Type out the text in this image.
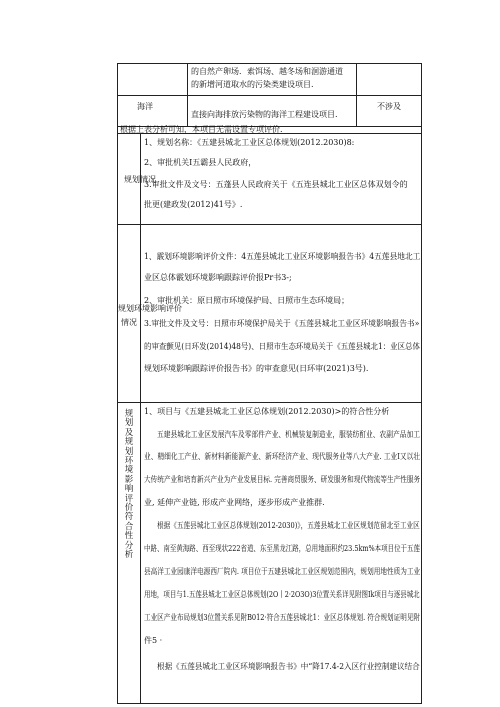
的自然产卵场．索饵场、越冬场和洄游通道
的新增河道取水的污染类建设项目.
海洋
直接向海排放污染物的海洋工程建设项目.
不涉及
根据上表分析可知，本项目无需设置专项评价.
规划情况
1、规划名称：《五建县城北工业区总体规划(2012.2030)8:
2、审批机关I五霸县人民政府，
3.审批文件及文号：五蓬县人民政府关于《五连县城北工业区总体双划令的
批更(建政发(2012)41号》.
规划环境影响评价
情况
1、霰划环境影响评价文件：4五莲县城北工业区环境影响报告书》4五莲县地北工
业区总体霰划环境影响跟踪评价报Pr书3-;
2、审批机关：原日照市环境保护局、日照市生态环境局；
3.审批文件及文号：日照市环境保护局关于《五莲县城北工业区环境影响报告书»
的审查颤见(日环发(2014)48号)、日照市生态环境局关于《五莲县城北1：业区总体
规划环境影响跟踪评价报告书》的审查意见(日环审(2021)3号).
规划及规划环境影响评价符合性分析
1、项目与《五建县城北工业区总体规划(2012.2030)>的符合性分析
五建县城北工业区发展汽车及零部件产业、机械装复制造业，服装纺酊业、农副产品加工
业、精细化工产业、新材料新能源产业、新环经济产业、现代服务业等八大产业. 工业I又以壮
大传统产业和培育新兴产业为产业发展目标. 完善商贸服务、研发服务和现代物流等生产性服务
业, 延伸产业链, 形成产业网络，逐步形成产业推群.
根据《五莲县城北工业区总体规划(2012-2030)》，五莲县城北工业区规划范留北至工业区
中路、南至黄海路、西至现状222省道、东至黑龙江路，总用地面积约23.5km%本项目位于五莲
县高洋工业园康洋电源西厂院内. 项目位于五建县城北工业区规划范围内，规划用地性质为工业
用地，项目与1.五莲县城北工业区总体规划(2O丨2·2O3O)3位置关系详见附图Ik项目与逐县城北
工业区产业布局规划3位置关系见附B012·符合五莲县城北1：业区总体规划. 符合规划证明见附
件5 ·
根据《五莲县城北工业区环境影响报告书》中“降17.4-2入区行业控制建议结合
